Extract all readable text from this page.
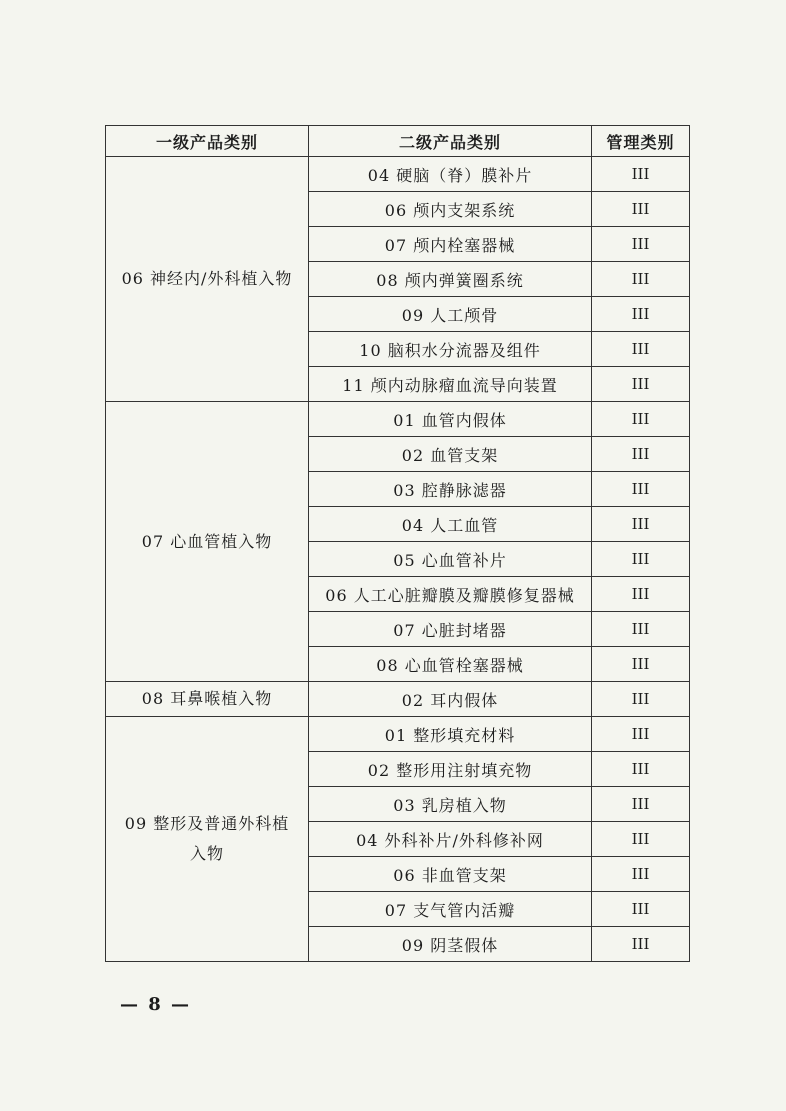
一级产品类别	二级产品类别	管理类别
06 神经内/外科植入物	04 硬脑（脊）膜补片	III
	06 颅内支架系统	III
	07 颅内栓塞器械	III
	08 颅内弹簧圈系统	III
	09 人工颅骨	III
	10 脑积水分流器及组件	III
	11 颅内动脉瘤血流导向装置	III
07 心血管植入物	01 血管内假体	III
	02 血管支架	III
	03 腔静脉滤器	III
	04 人工血管	III
	05 心血管补片	III
	06 人工心脏瓣膜及瓣膜修复器械	III
	07 心脏封堵器	III
	08 心血管栓塞器械	III
08 耳鼻喉植入物	02 耳内假体	III
09 整形及普通外科植入物	01 整形填充材料	III
	02 整形用注射填充物	III
	03 乳房植入物	III
	04 外科补片/外科修补网	III
	06 非血管支架	III
	07 支气管内活瓣	III
	09 阴茎假体	III
— 8 —
